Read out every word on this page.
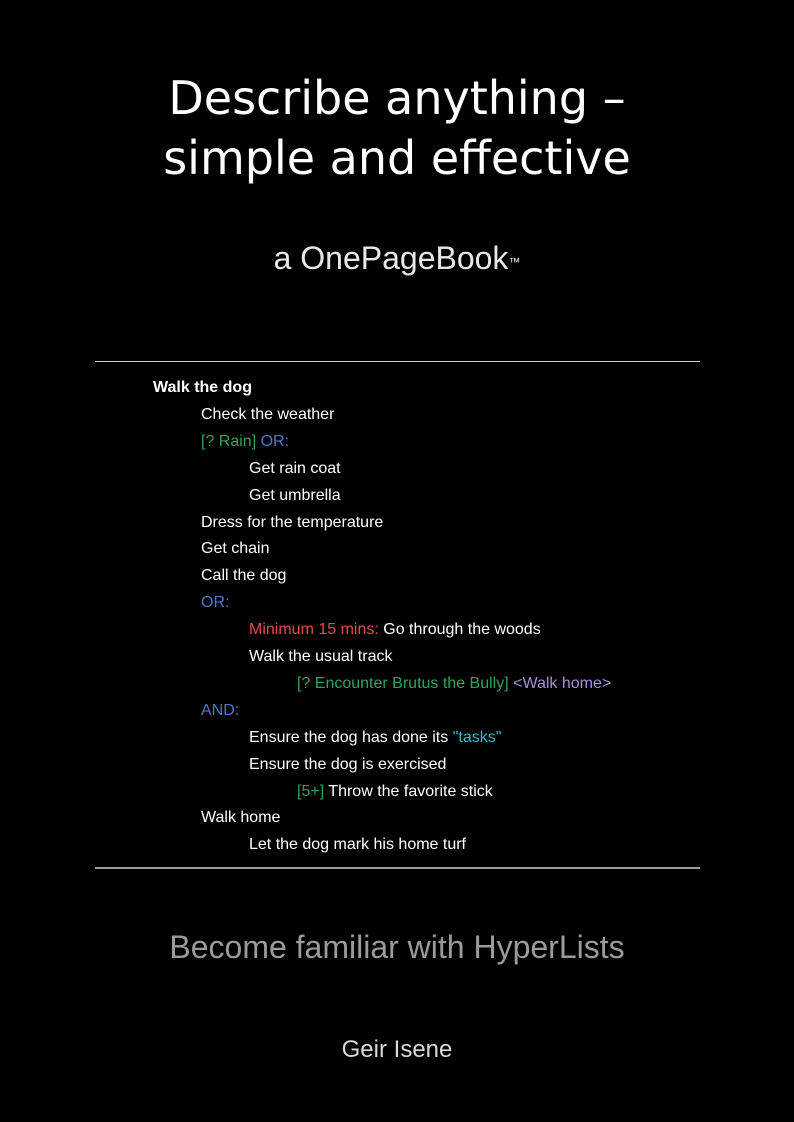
Describe anything –
simple and effective
a OnePageBook™
Walk the dog
Check the weather
[? Rain] OR:
Get rain coat
Get umbrella
Dress for the temperature
Get chain
Call the dog
OR:
Minimum 15 mins: Go through the woods
Walk the usual track
[? Encounter Brutus the Bully] <Walk home>
AND:
Ensure the dog has done its "tasks"
Ensure the dog is exercised
[5+] Throw the favorite stick
Walk home
Let the dog mark his home turf
Become familiar with HyperLists
Geir Isene
